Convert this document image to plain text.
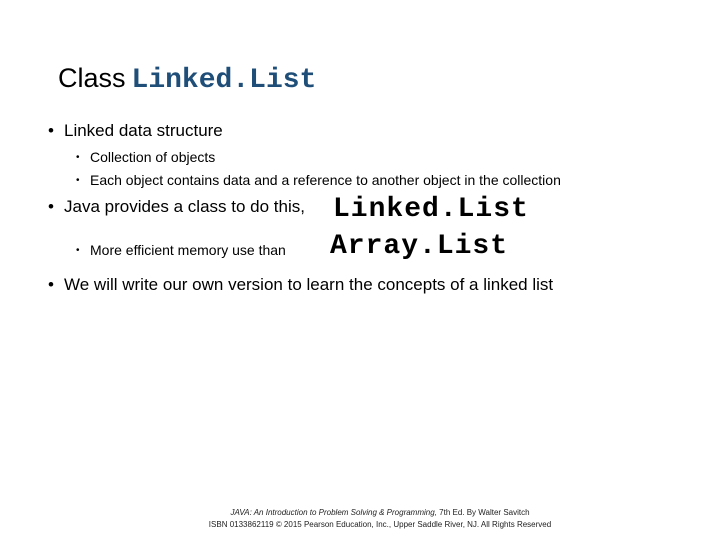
Class Linked.List
• Linked data structure
• Collection of objects
• Each object contains data and a reference to another object in the collection
• Java provides a class to do this, Linked.List
• More efficient memory use than Array.List
• We will write our own version to learn the concepts of a linked list
JAVA: An Introduction to Problem Solving & Programming, 7th Ed. By Walter Savitch
ISBN 0133862119 © 2015 Pearson Education, Inc., Upper Saddle River, NJ. All Rights Reserved
